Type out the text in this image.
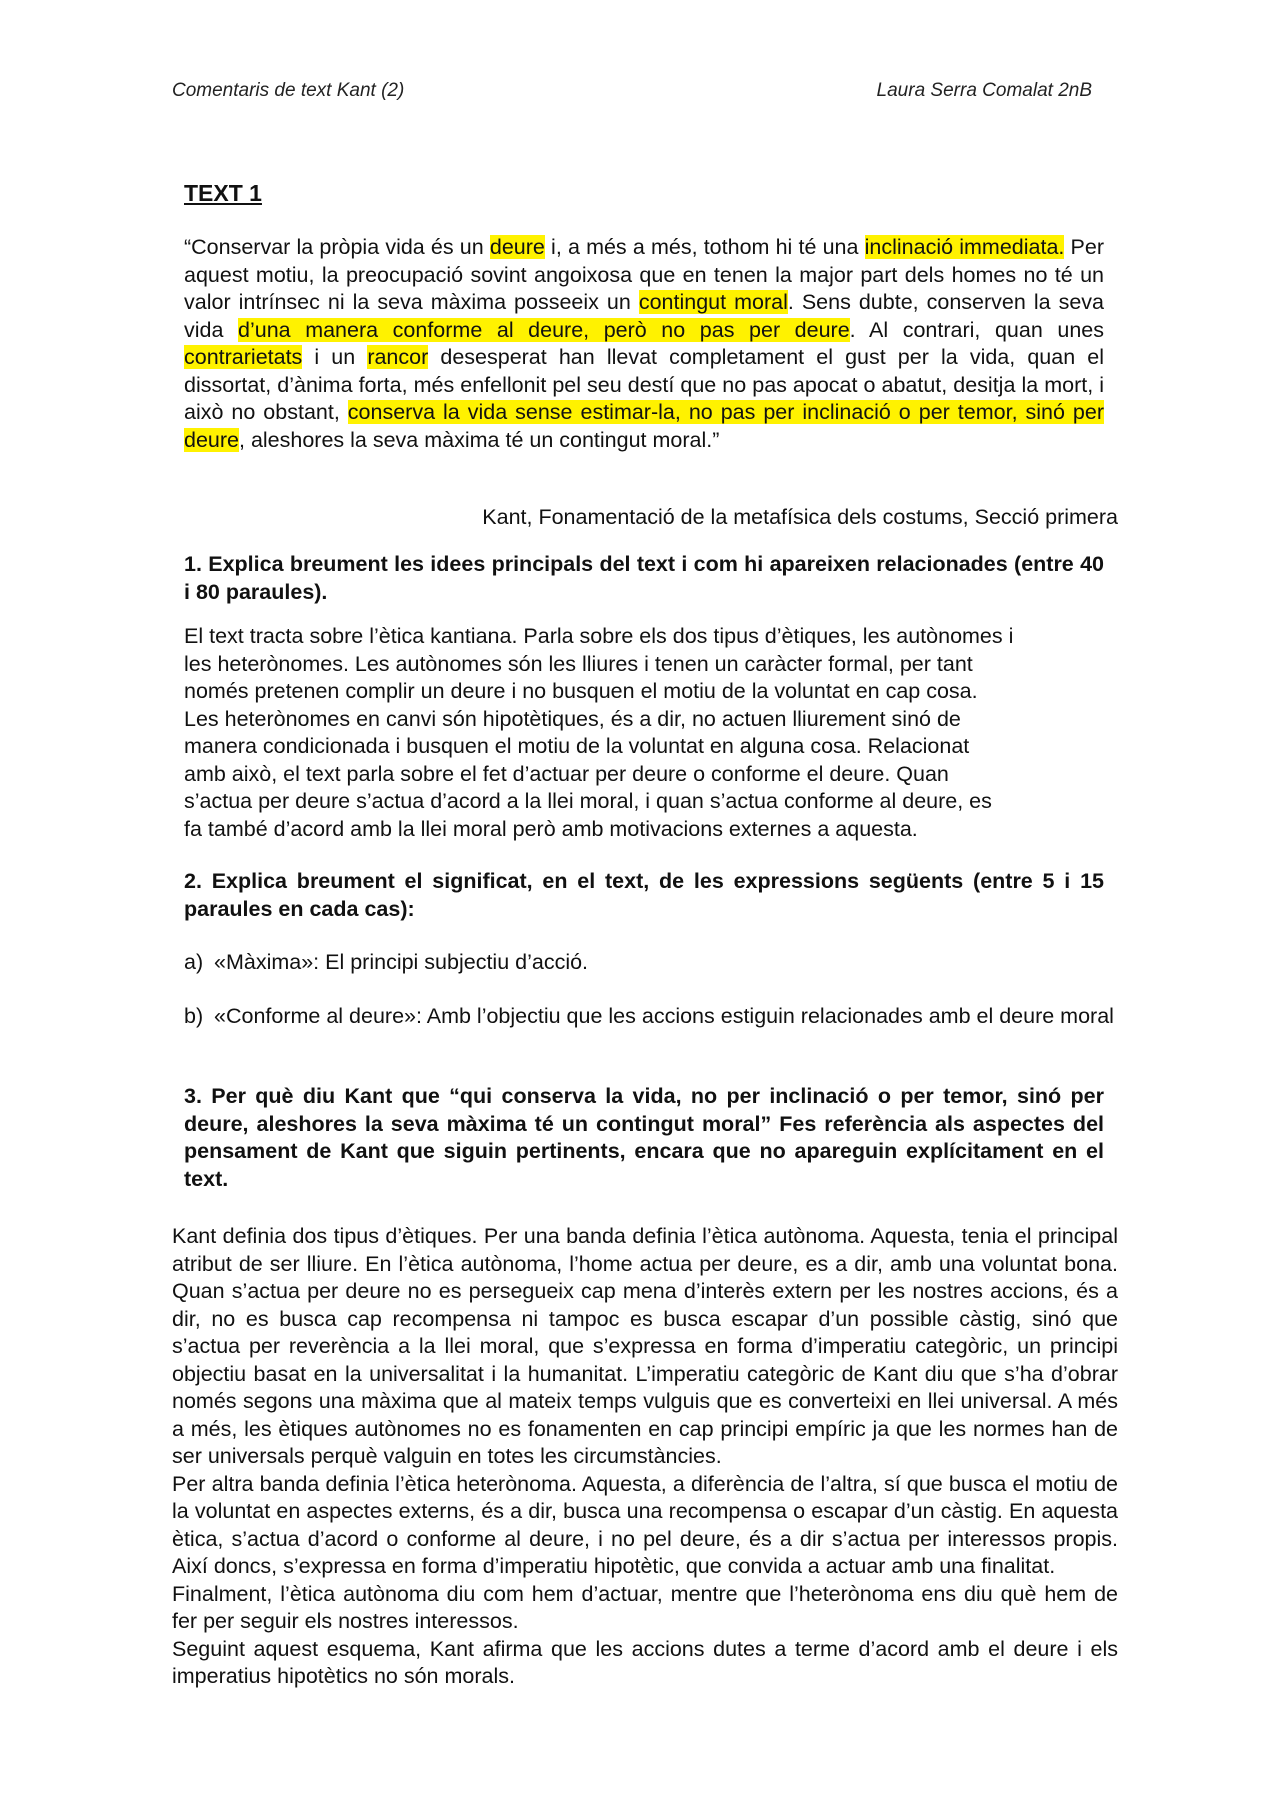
Comentaris de text Kant (2)	Laura Serra Comalat 2nB
TEXT 1
“Conservar la pròpia vida és un deure i, a més a més, tothom hi té una inclinació immediata. Per aquest motiu, la preocupació sovint angoixosa que en tenen la major part dels homes no té un valor intrínsec ni la seva màxima posseeix un contingut moral. Sens dubte, conserven la seva vida d’una manera conforme al deure, però no pas per deure. Al contrari, quan unes contrarietats i un rancor desesperat han llevat completament el gust per la vida, quan el dissortat, d’ànima forta, més enfellonit pel seu destí que no pas apocat o abatut, desitja la mort, i això no obstant, conserva la vida sense estimar-la, no pas per inclinació o per temor, sinó per deure, aleshores la seva màxima té un contingut moral.”
Kant, Fonamentació de la metafísica dels costums, Secció primera
1. Explica breument les idees principals del text i com hi apareixen relacionades (entre 40 i 80 paraules).
El text tracta sobre l’ètica kantiana. Parla sobre els dos tipus d’ètiques, les autònomes i
les heterònomes. Les autònomes són les lliures i tenen un caràcter formal, per tant
només pretenen complir un deure i no busquen el motiu de la voluntat en cap cosa.
Les heterònomes en canvi són hipotètiques, és a dir, no actuen lliurement sinó de
manera condicionada i busquen el motiu de la voluntat en alguna cosa. Relacionat
amb això, el text parla sobre el fet d’actuar per deure o conforme el deure. Quan
s’actua per deure s’actua d’acord a la llei moral, i quan s’actua conforme al deure, es
fa també d’acord amb la llei moral però amb motivacions externes a aquesta.
2. Explica breument el significat, en el text, de les expressions següents (entre 5 i 15 paraules en cada cas):
a) «Màxima»: El principi subjectiu d’acció.
b) «Conforme al deure»: Amb l’objectiu que les accions estiguin relacionades amb el deure moral
3. Per què diu Kant que “qui conserva la vida, no per inclinació o per temor, sinó per deure, aleshores la seva màxima té un contingut moral” Fes referència als aspectes del pensament de Kant que siguin pertinents, encara que no apareguin explícitament en el text.

Kant definia dos tipus d’ètiques. Per una banda definia l’ètica autònoma. Aquesta, tenia el principal atribut de ser lliure. En l’ètica autònoma, l’home actua per deure, es a dir, amb una voluntat bona. Quan s’actua per deure no es persegueix cap mena d’interès extern per les nostres accions, és a dir, no es busca cap recompensa ni tampoc es busca escapar d’un possible càstig, sinó que s’actua per reverència a la llei moral, que s’expressa en forma d’imperatiu categòric, un principi objectiu basat en la universalitat i la humanitat. L’imperatiu categòric de Kant diu que s’ha d’obrar només segons una màxima que al mateix temps vulguis que es converteixi en llei universal. A més a més, les ètiques autònomes no es fonamenten en cap principi empíric ja que les normes han de ser universals perquè valguin en totes les circumstàncies.

Per altra banda definia l’ètica heterònoma. Aquesta, a diferència de l’altra, sí que busca el motiu de la voluntat en aspectes externs, és a dir, busca una recompensa o escapar d’un càstig. En aquesta ètica, s’actua d’acord o conforme al deure, i no pel deure, és a dir s’actua per interessos propis. Així doncs, s’expressa en forma d’imperatiu hipotètic, que convida a actuar amb una finalitat.

Finalment, l’ètica autònoma diu com hem d’actuar, mentre que l’heterònoma ens diu què hem de fer per seguir els nostres interessos.

Seguint aquest esquema, Kant afirma que les accions dutes a terme d’acord amb el deure i els imperatius hipotètics no són morals.
